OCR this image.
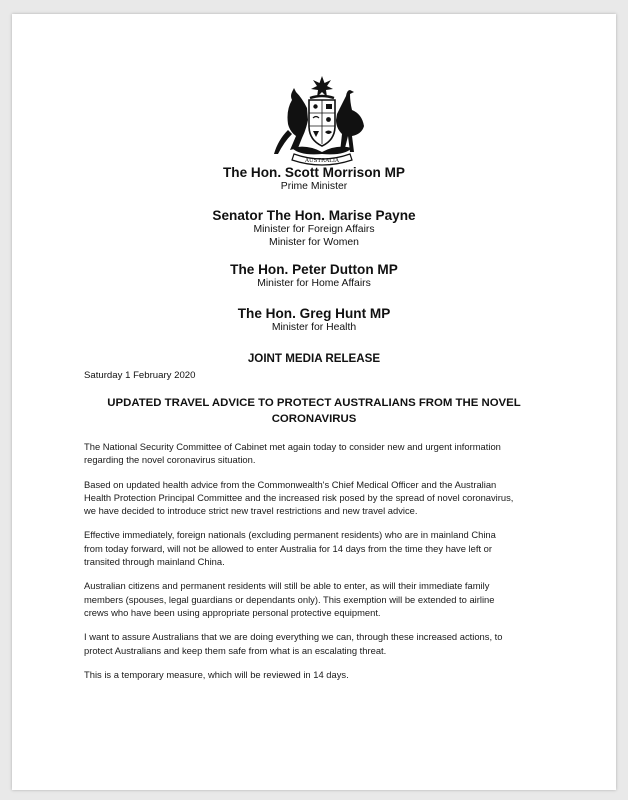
AUSTRALIA
The Hon. Scott Morrison MP
Prime Minister
Senator The Hon. Marise Payne
Minister for Foreign Affairs
Minister for Women
The Hon. Peter Dutton MP
Minister for Home Affairs
The Hon. Greg Hunt MP
Minister for Health
JOINT MEDIA RELEASE
Saturday 1 February 2020
UPDATED TRAVEL ADVICE TO PROTECT AUSTRALIANS FROM THE NOVEL
CORONAVIRUS

The National Security Committee of Cabinet met again today to consider new and urgent information
regarding the novel coronavirus situation.

Based on updated health advice from the Commonwealth's Chief Medical Officer and the Australian
Health Protection Principal Committee and the increased risk posed by the spread of novel coronavirus,
we have decided to introduce strict new travel restrictions and new travel advice.

Effective immediately, foreign nationals (excluding permanent residents) who are in mainland China
from today forward, will not be allowed to enter Australia for 14 days from the time they have left or
transited through mainland China.

Australian citizens and permanent residents will still be able to enter, as will their immediate family
members (spouses, legal guardians or dependants only). This exemption will be extended to airline
crews who have been using appropriate personal protective equipment.

I want to assure Australians that we are doing everything we can, through these increased actions, to
protect Australians and keep them safe from what is an escalating threat.

This is a temporary measure, which will be reviewed in 14 days.
